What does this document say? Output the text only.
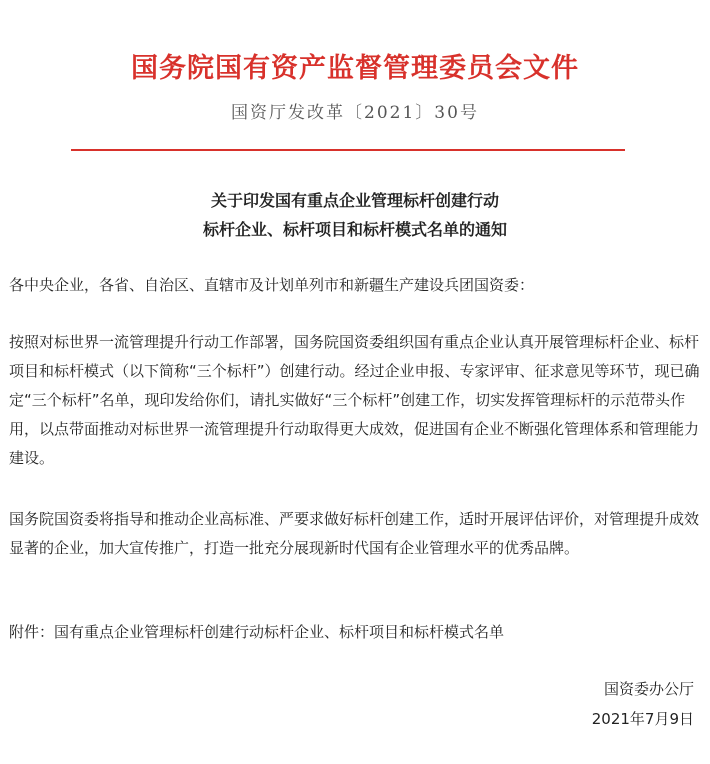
国务院国有资产监督管理委员会文件
国资厅发改革〔2021〕30号
关于印发国有重点企业管理标杆创建行动
标杆企业、标杆项目和标杆模式名单的通知

各中央企业，各省、自治区、直辖市及计划单列市和新疆生产建设兵团国资委：

按照对标世界一流管理提升行动工作部署，国务院国资委组织国有重点企业认真开展管理标杆企业、标杆项目和标杆模式（以下简称“三个标杆”）创建行动。经过企业申报、专家评审、征求意见等环节，现已确定“三个标杆”名单，现印发给你们，请扎实做好“三个标杆”创建工作，切实发挥管理标杆的示范带头作用，以点带面推动对标世界一流管理提升行动取得更大成效，促进国有企业不断强化管理体系和管理能力建设。

国务院国资委将指导和推动企业高标准、严要求做好标杆创建工作，适时开展评估评价，对管理提升成效显著的企业，加大宣传推广，打造一批充分展现新时代国有企业管理水平的优秀品牌。

附件：国有重点企业管理标杆创建行动标杆企业、标杆项目和标杆模式名单

国资委办公厅
2021年7月9日
